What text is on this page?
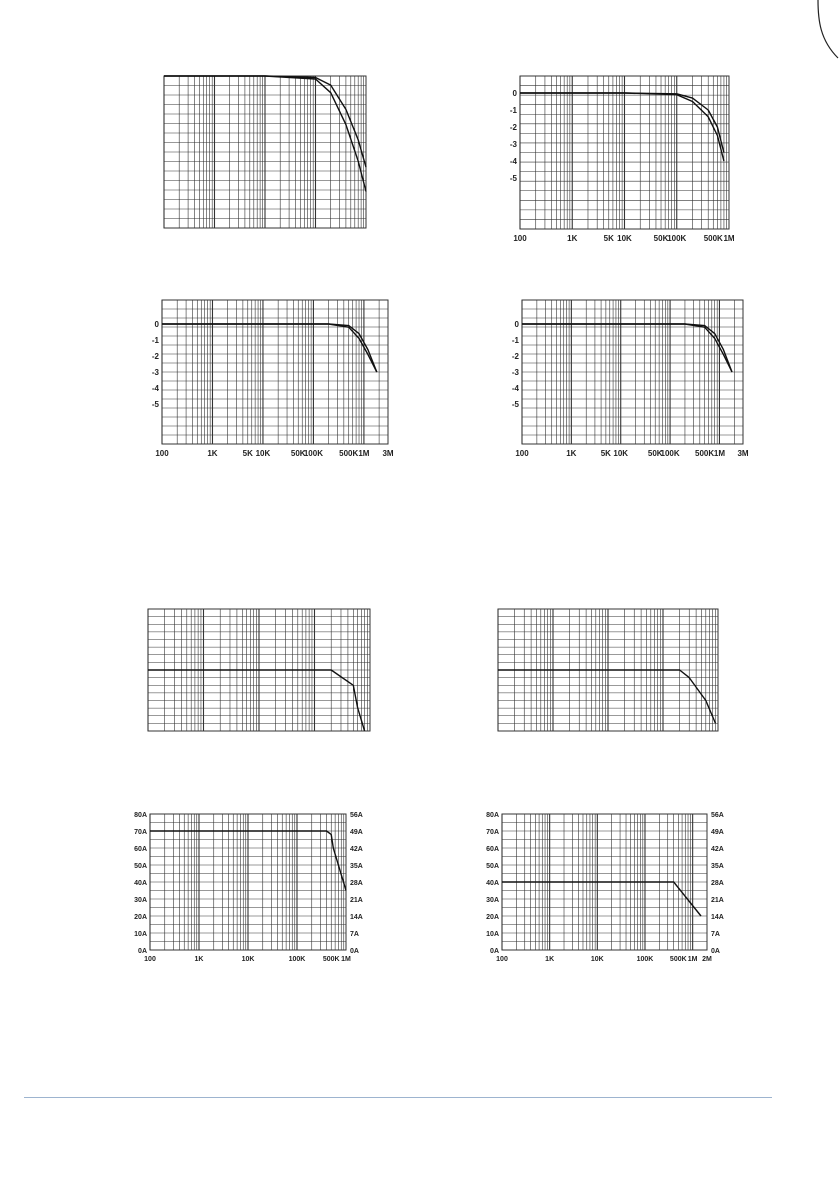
100	1K	5K 10K	50K
100K 500K 1M
0
-1
-2
-3
-4
-5
100	1K	5K 10K	50K
100K 500K 1M 3M
0
-1
-2
-3
-4
-5
100	1K	5K 10K 50K
100K 500K 1M 3M
0
-1
-2
-3
-4
-5
100	1K	10K	100K	500K 1M
0A
10A
20A
30A
40A
50A
60A
70A
80A
0A
7A
14A
21A
28A
35A
42A
49A
56A
100	1K	10K	100K 500K 1M 2M
0A
10A
20A
30A
40A
50A
60A
70A
80A
0A
7A
14A
21A
28A
35A
42A
49A
56A
